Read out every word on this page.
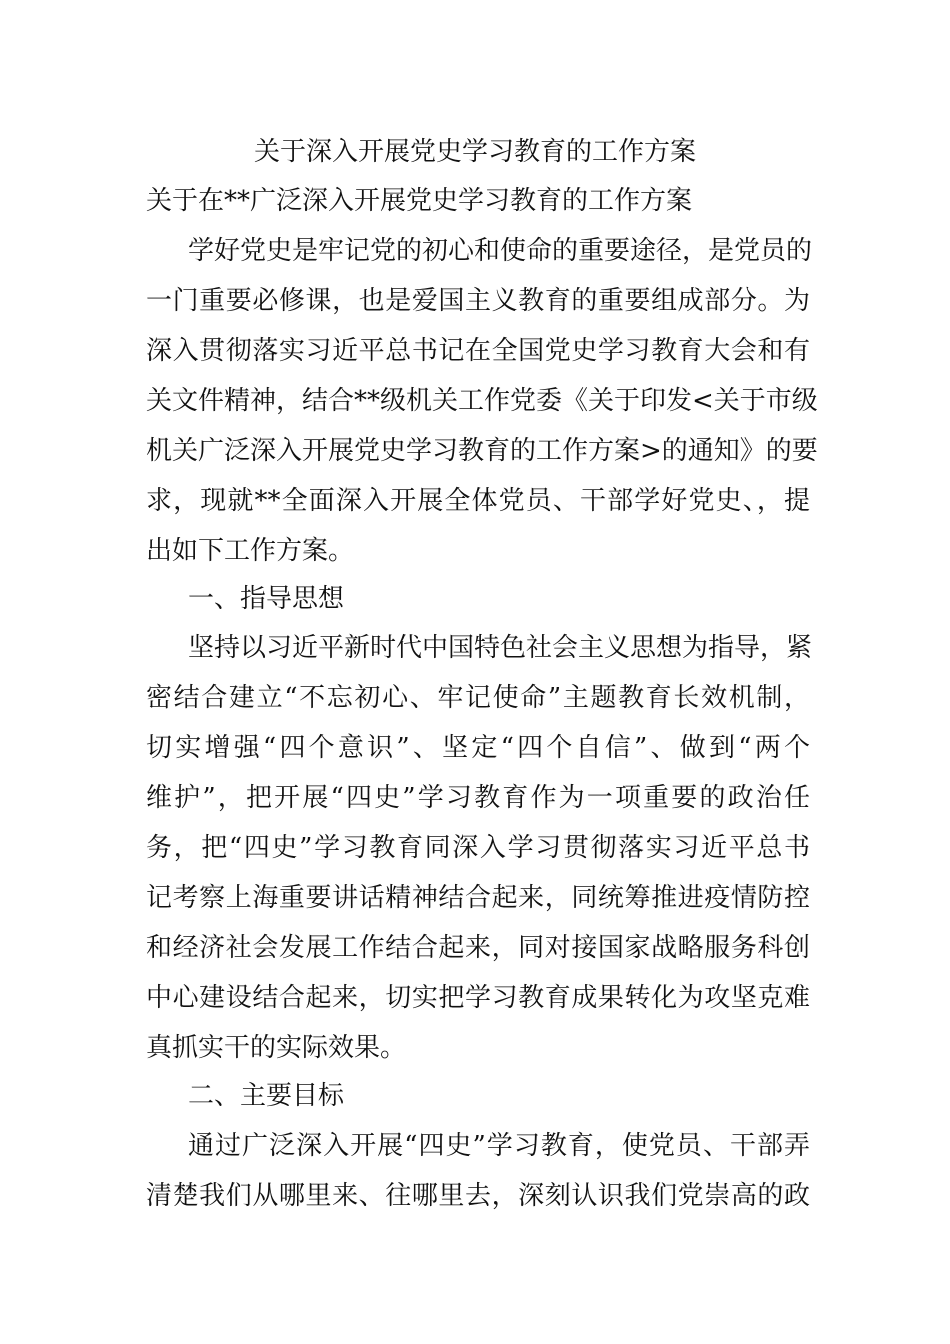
关于深入开展党史学习教育的工作方案
关于在**广泛深入开展党史学习教育的工作方案
学好党史是牢记党的初心和使命的重要途径，是党员的
一门重要必修课，也是爱国主义教育的重要组成部分。为
深入贯彻落实习近平总书记在全国党史学习教育大会和有
关文件精神，结合**级机关工作党委《关于印发<关于市级
机关广泛深入开展党史学习教育的工作方案>的通知》的要
求，现就**全面深入开展全体党员、干部学好党史、，提
出如下工作方案。
一、指导思想
坚持以习近平新时代中国特色社会主义思想为指导，紧
密结合建立“不忘初心、牢记使命”主题教育长效机制，
切实增强“四个意识”、坚定“四个自信”、做到“两个
维护”，把开展“四史”学习教育作为一项重要的政治任
务，把“四史”学习教育同深入学习贯彻落实习近平总书
记考察上海重要讲话精神结合起来，同统筹推进疫情防控
和经济社会发展工作结合起来，同对接国家战略服务科创
中心建设结合起来，切实把学习教育成果转化为攻坚克难
真抓实干的实际效果。
二、主要目标
通过广泛深入开展“四史”学习教育，使党员、干部弄
清楚我们从哪里来、往哪里去，深刻认识我们党崇高的政
